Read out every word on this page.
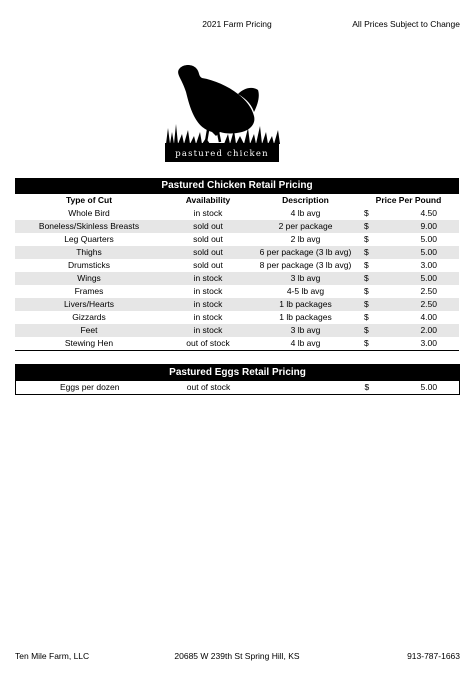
2021 Farm Pricing	All Prices Subject to Change
pastured chicken
Pastured Chicken Retail Pricing				
Type of Cut	Availability	Description	Price Per Pound	
Whole Bird	in stock	4 lb avg	$	4.50
Boneless/Skinless Breasts	sold out	2 per package	$	9.00
Leg Quarters	sold out	2 lb avg	$	5.00
Thighs	sold out	6 per package (3 lb avg)	$	5.00
Drumsticks	sold out	8 per package (3 lb avg)	$	3.00
Wings	in stock	3 lb avg	$	5.00
Frames	in stock	4-5 lb avg	$	2.50
Livers/Hearts	in stock	1 lb packages	$	2.50
Gizzards	in stock	1 lb packages	$	4.00
Feet	in stock	3 lb avg	$	2.00
Stewing Hen	out of stock	4 lb avg	$	3.00
Pastured Eggs Retail Pricing
Eggs per dozen	out of stock		$	5.00
Ten Mile Farm, LLC	20685 W 239th St Spring Hill, KS	913-787-1663
